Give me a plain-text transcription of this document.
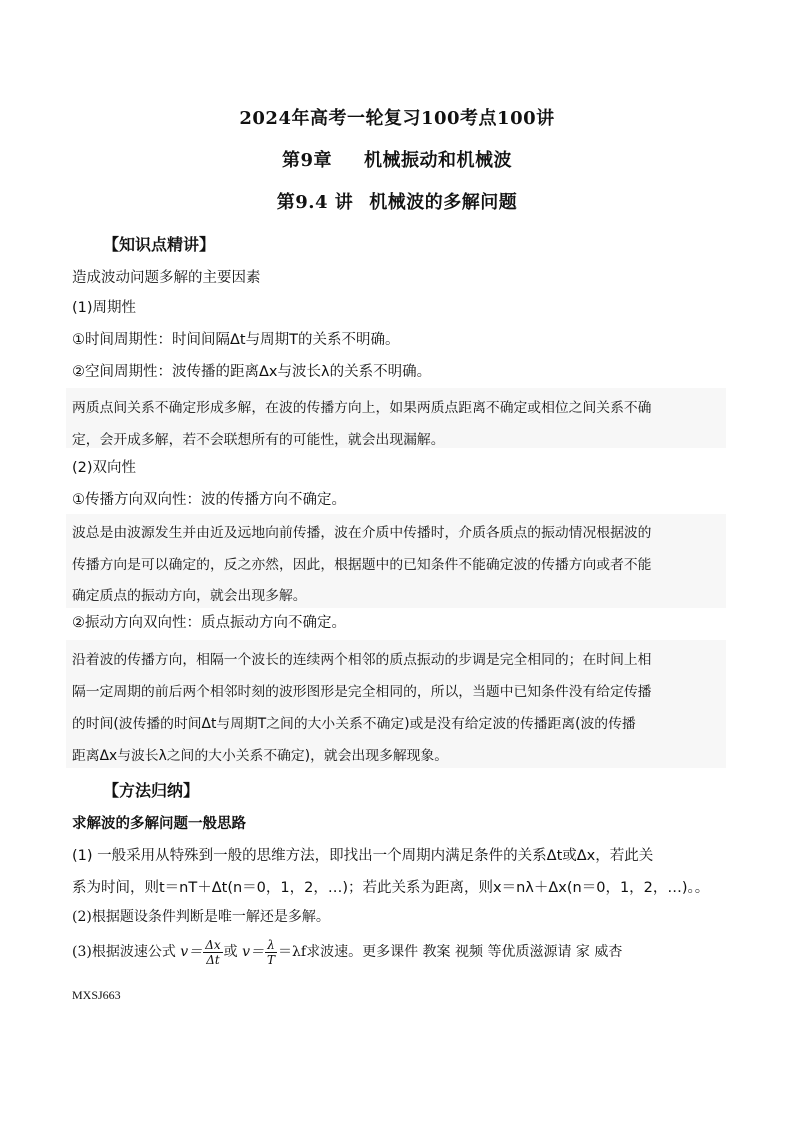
2024年高考一轮复习100考点100讲
第9章 机械振动和机械波
第9.4 讲 机械波的多解问题
【知识点精讲】
造成波动问题多解的主要因素
(1)周期性
①时间周期性：时间间隔Δt与周期T的关系不明确。
②空间周期性：波传播的距离Δx与波长λ的关系不明确。
两质点间关系不确定形成多解，在波的传播方向上，如果两质点距离不确定或相位之间关系不确
定，会开成多解，若不会联想所有的可能性，就会出现漏解。
(2)双向性
①传播方向双向性：波的传播方向不确定。
波总是由波源发生并由近及远地向前传播，波在介质中传播时，介质各质点的振动情况根据波的
传播方向是可以确定的，反之亦然，因此，根据题中的已知条件不能确定波的传播方向或者不能
确定质点的振动方向，就会出现多解。
②振动方向双向性：质点振动方向不确定。
沿着波的传播方向，相隔一个波长的连续两个相邻的质点振动的步调是完全相同的；在时间上相
隔一定周期的前后两个相邻时刻的波形图形是完全相同的，所以，当题中已知条件没有给定传播
的时间(波传播的时间Δt与周期T之间的大小关系不确定)或是没有给定波的传播距离(波的传播
距离Δx与波长λ之间的大小关系不确定)，就会出现多解现象。
【方法归纳】
求解波的多解问题一般思路
(1) 一般采用从特殊到一般的思维方法，即找出一个周期内满足条件的关系Δt或Δx，若此关
系为时间，则t＝nT＋Δt(n＝0，1，2，…)；若此关系为距离，则x＝nλ＋Δx(n＝0，1，2，…)。。
(2)根据题设条件判断是唯一解还是多解。
(3)根据波速公式 $v= \frac{\Delta x}{\Delta t}$ 或 $v= \frac{\lambda}{T} =\lambda f$求波速。更多课件 教案 视频 等优质滋源请 家 威杏
MXSJ663
